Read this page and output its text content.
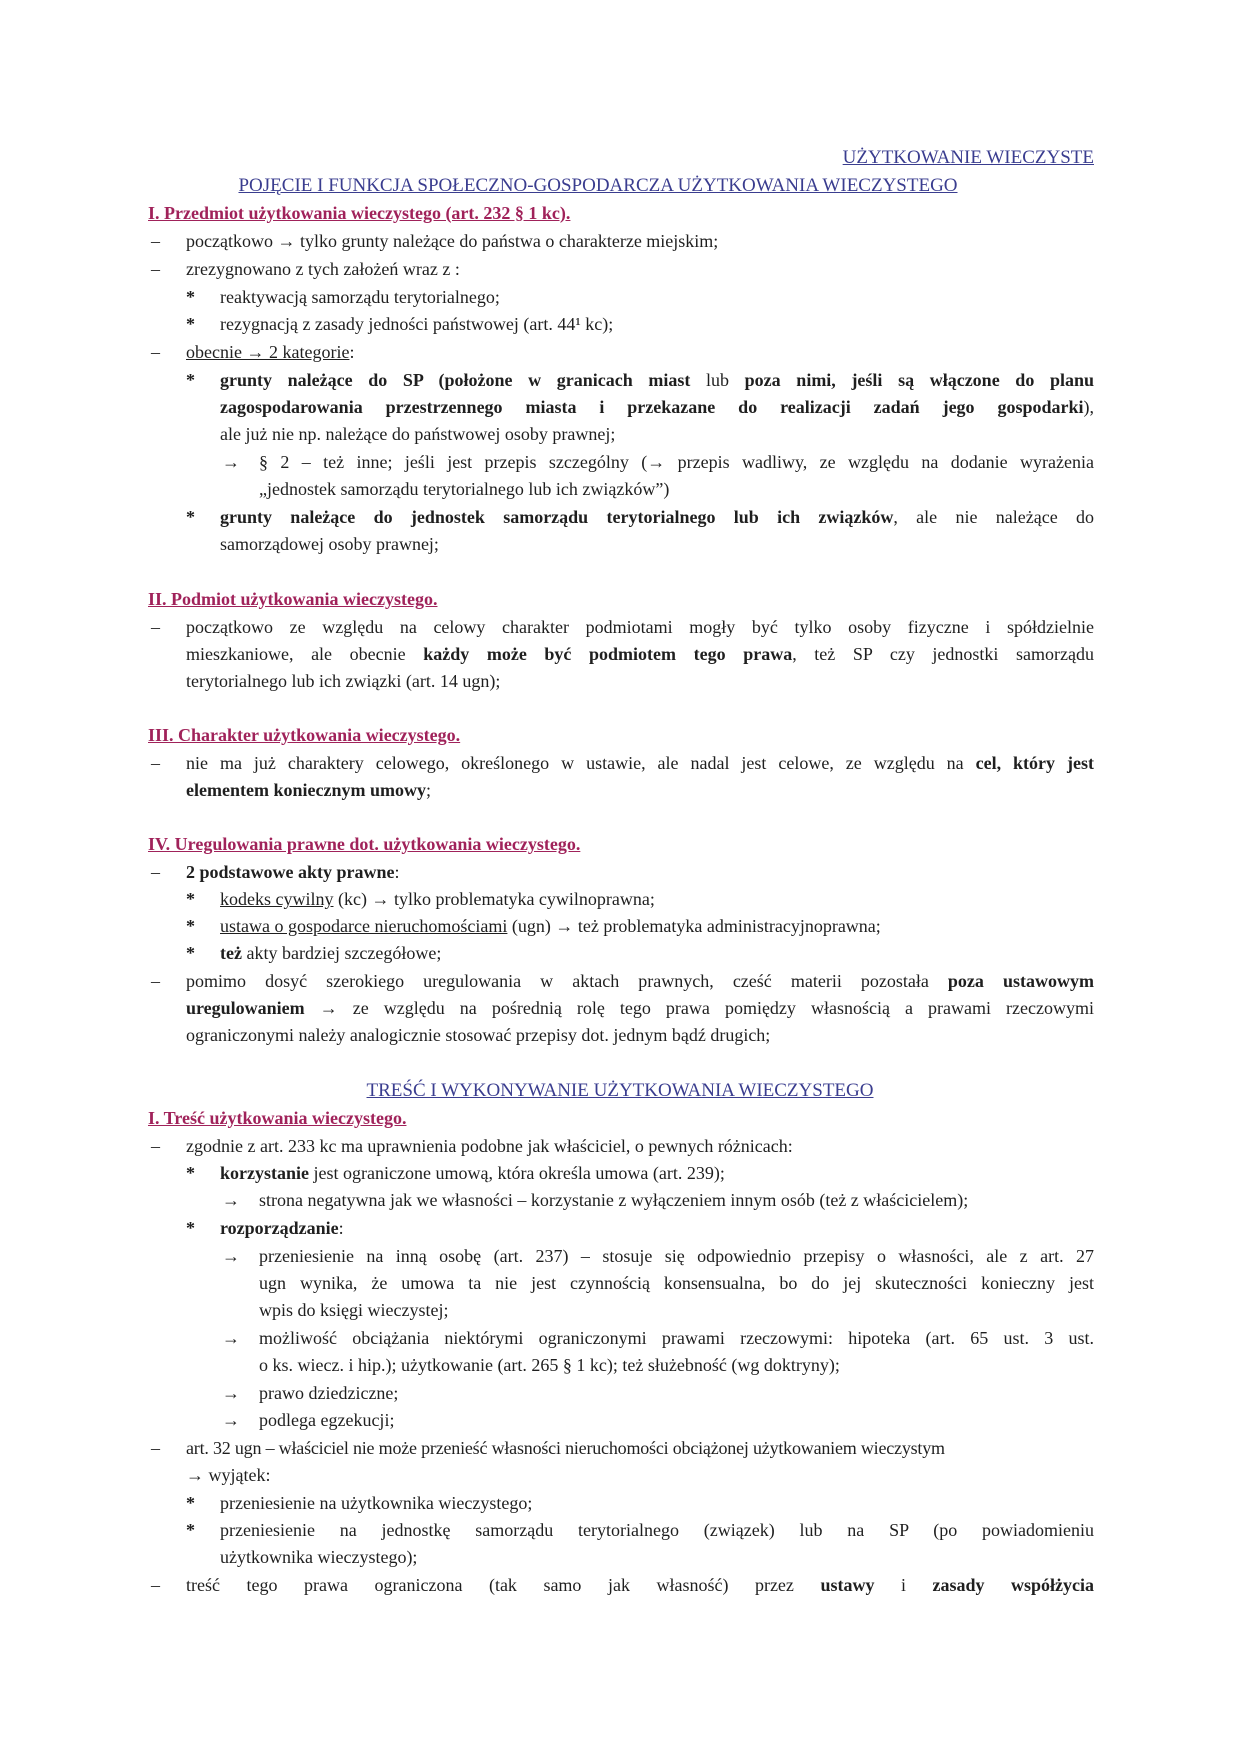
UŻYTKOWANIE WIECZYSTE
POJĘCIE I FUNKCJA SPOŁECZNO-GOSPODARCZA UŻYTKOWANIA WIECZYSTEGO
I. Przedmiot użytkowania wieczystego (art. 232 § 1 kc).
– początkowo → tylko grunty należące do państwa o charakterze miejskim;
– zrezygnowano z tych założeń wraz z :
* reaktywacją samorządu terytorialnego;
* rezygnacją z zasady jedności państwowej (art. 44¹ kc);
– obecnie → 2 kategorie:
* grunty należące do SP (położone w granicach miast lub poza nimi, jeśli są włączone do planu
zagospodarowania przestrzennego miasta i przekazane do realizacji zadań jego gospodarki),
ale już nie np. należące do państwowej osoby prawnej;
→ § 2 – też inne; jeśli jest przepis szczególny (→ przepis wadliwy, ze względu na dodanie wyrażenia
„jednostek samorządu terytorialnego lub ich związków”)
* grunty należące do jednostek samorządu terytorialnego lub ich związków, ale nie należące do
samorządowej osoby prawnej;
II. Podmiot użytkowania wieczystego.
– początkowo ze względu na celowy charakter podmiotami mogły być tylko osoby fizyczne i spółdzielnie
mieszkaniowe, ale obecnie każdy może być podmiotem tego prawa, też SP czy jednostki samorządu
terytorialnego lub ich związki (art. 14 ugn);
III. Charakter użytkowania wieczystego.
– nie ma już charaktery celowego, określonego w ustawie, ale nadal jest celowe, ze względu na cel, który jest
elementem koniecznym umowy;
IV. Uregulowania prawne dot. użytkowania wieczystego.
– 2 podstawowe akty prawne:
* kodeks cywilny (kc) → tylko problematyka cywilnoprawna;
* ustawa o gospodarce nieruchomościami (ugn) → też problematyka administracyjnoprawna;
* też akty bardziej szczegółowe;
– pomimo dosyć szerokiego uregulowania w aktach prawnych, cześć materii pozostała poza ustawowym
uregulowaniem → ze względu na pośrednią rolę tego prawa pomiędzy własnością a prawami rzeczowymi
ograniczonymi należy analogicznie stosować przepisy dot. jednym bądź drugich;
TREŚĆ I WYKONYWANIE UŻYTKOWANIA WIECZYSTEGO
I. Treść użytkowania wieczystego.
– zgodnie z art. 233 kc ma uprawnienia podobne jak właściciel, o pewnych różnicach:
* korzystanie jest ograniczone umową, która określa umowa (art. 239);
→ strona negatywna jak we własności – korzystanie z wyłączeniem innym osób (też z właścicielem);
* rozporządzanie:
→ przeniesienie na inną osobę (art. 237) – stosuje się odpowiednio przepisy o własności, ale z art. 27
ugn wynika, że umowa ta nie jest czynnością konsensualna, bo do jej skuteczności konieczny jest
wpis do księgi wieczystej;
→ możliwość obciążania niektórymi ograniczonymi prawami rzeczowymi: hipoteka (art. 65 ust. 3 ust.
o ks. wiecz. i hip.); użytkowanie (art. 265 § 1 kc); też służebność (wg doktryny);
→ prawo dziedziczne;
→ podlega egzekucji;
– art. 32 ugn – właściciel nie może przenieść własności nieruchomości obciążonej użytkowaniem wieczystym
→ wyjątek:
* przeniesienie na użytkownika wieczystego;
* przeniesienie na jednostkę samorządu terytorialnego (związek) lub na SP (po powiadomieniu
użytkownika wieczystego);
– treść tego prawa ograniczona (tak samo jak własność) przez ustawy i zasady współżycia
